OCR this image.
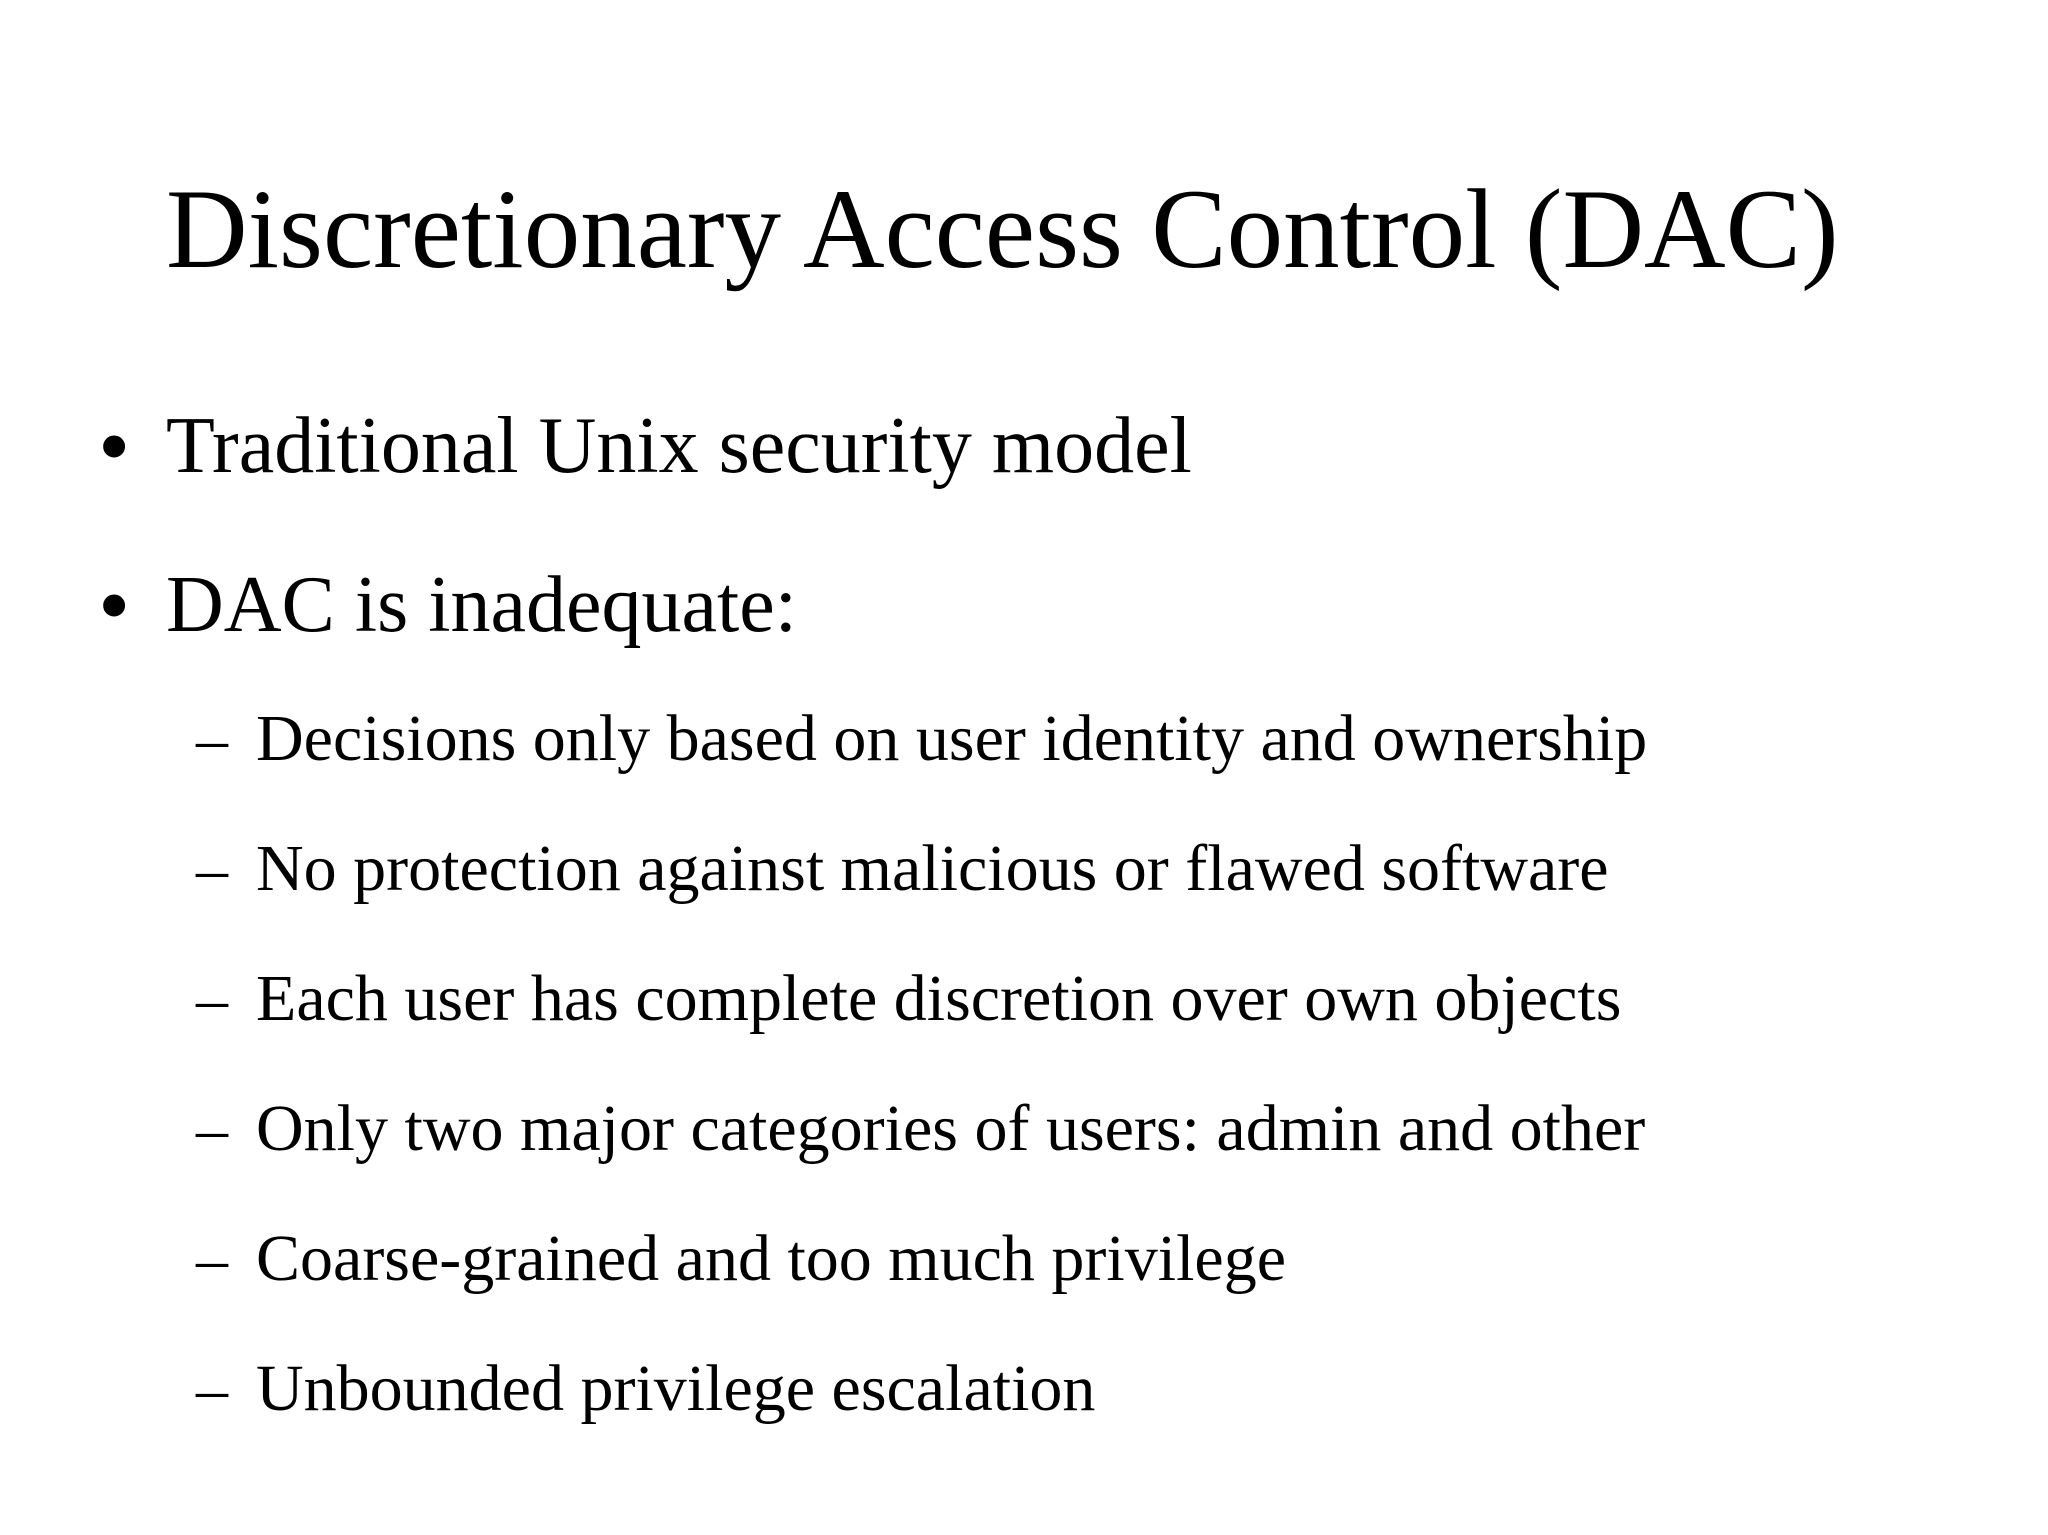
Discretionary Access Control (DAC)
• Traditional Unix security model
• DAC is inadequate:
– Decisions only based on user identity and ownership
– No protection against malicious or flawed software
– Each user has complete discretion over own objects
– Only two major categories of users: admin and other
– Coarse-grained and too much privilege
– Unbounded privilege escalation
